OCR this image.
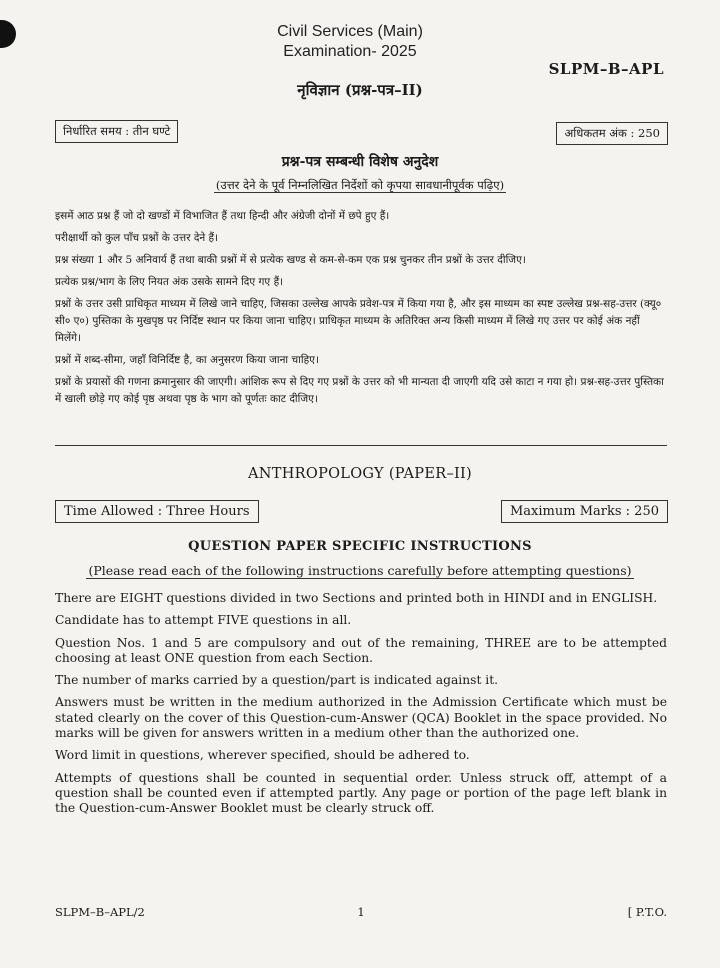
Civil Services (Main)
Examination- 2025
SLPM–B–APL
नृविज्ञान (प्रश्न-पत्र–II)
निर्धारित समय : तीन घण्टे	अधिकतम अंक : 250
प्रश्न-पत्र सम्बन्धी विशेष अनुदेश
(उत्तर देने के पूर्व निम्नलिखित निर्देशों को कृपया सावधानीपूर्वक पढ़िए)

इसमें आठ प्रश्न हैं जो दो खण्डों में विभाजित हैं तथा हिन्दी और अंग्रेजी दोनों में छपे हुए हैं।

परीक्षार्थी को कुल पाँच प्रश्नों के उत्तर देने हैं।

प्रश्न संख्या 1 और 5 अनिवार्य हैं तथा बाकी प्रश्नों में से प्रत्येक खण्ड से कम-से-कम एक प्रश्न चुनकर तीन प्रश्नों के उत्तर दीजिए।

प्रत्येक प्रश्न/भाग के लिए नियत अंक उसके सामने दिए गए हैं।

प्रश्नों के उत्तर उसी प्राधिकृत माध्यम में लिखे जाने चाहिए, जिसका उल्लेख आपके प्रवेश-पत्र में किया गया है, और इस माध्यम का स्पष्ट उल्लेख प्रश्न-सह-उत्तर (क्यू० सी० ए०) पुस्तिका के मुखपृष्ठ पर निर्दिष्ट स्थान पर किया जाना चाहिए। प्राधिकृत माध्यम के अतिरिक्त अन्य किसी माध्यम में लिखे गए उत्तर पर कोई अंक नहीं मिलेंगे।

प्रश्नों में शब्द-सीमा, जहाँ विनिर्दिष्ट है, का अनुसरण किया जाना चाहिए।

प्रश्नों के प्रयासों की गणना क्रमानुसार की जाएगी। आंशिक रूप से दिए गए प्रश्नों के उत्तर को भी मान्यता दी जाएगी यदि उसे काटा न गया हो। प्रश्न-सह-उत्तर पुस्तिका में खाली छोड़े गए कोई पृष्ठ अथवा पृष्ठ के भाग को पूर्णतः काट दीजिए।

ANTHROPOLOGY (PAPER–II)
Time Allowed : Three Hours	Maximum Marks : 250
QUESTION PAPER SPECIFIC INSTRUCTIONS
(Please read each of the following instructions carefully before attempting questions)

There are EIGHT questions divided in two Sections and printed both in HINDI and in ENGLISH.

Candidate has to attempt FIVE questions in all.

Question Nos. 1 and 5 are compulsory and out of the remaining, THREE are to be attempted choosing at least ONE question from each Section.

The number of marks carried by a question/part is indicated against it.

Answers must be written in the medium authorized in the Admission Certificate which must be stated clearly on the cover of this Question-cum-Answer (QCA) Booklet in the space provided. No marks will be given for answers written in a medium other than the authorized one.

Word limit in questions, wherever specified, should be adhered to.

Attempts of questions shall be counted in sequential order. Unless struck off, attempt of a question shall be counted even if attempted partly. Any page or portion of the page left blank in the Question-cum-Answer Booklet must be clearly struck off.

SLPM–B–APL/2	1	[ P.T.O.
